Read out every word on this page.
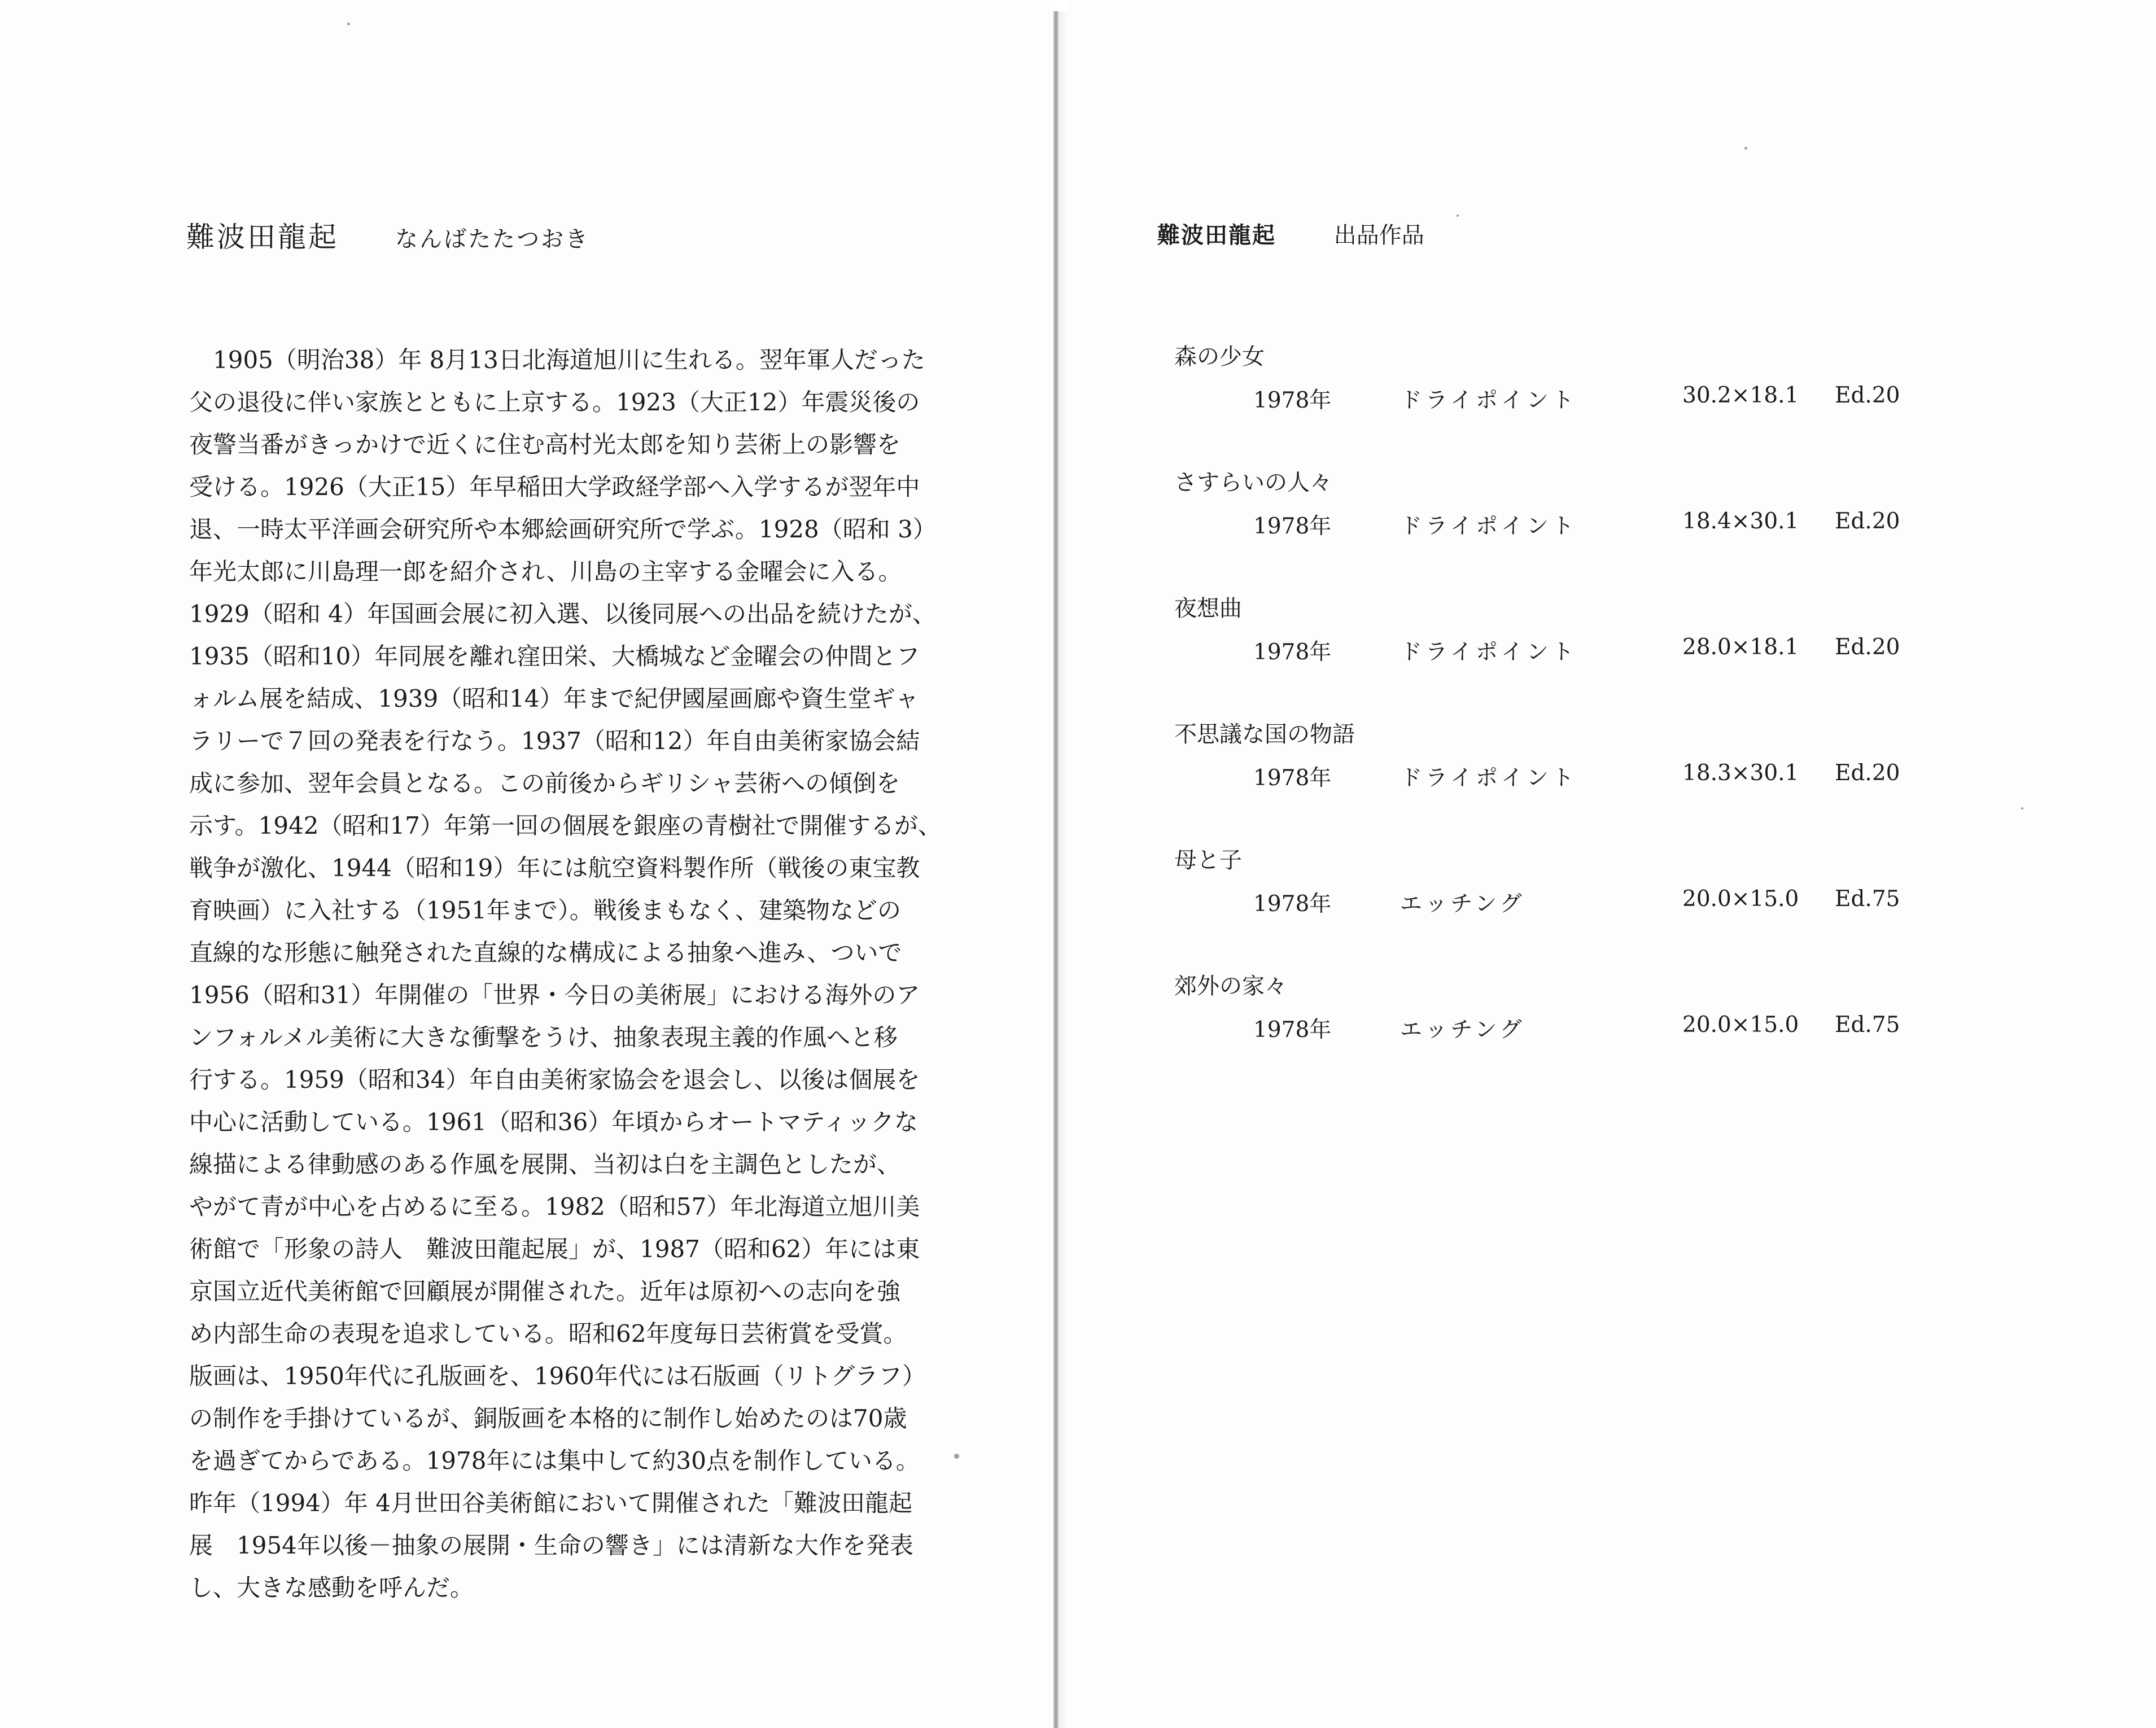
難波田龍起	なんばたたつおき
　1905（明治38）年 8月13日北海道旭川に生れる。翌年軍人だった
父の退役に伴い家族とともに上京する。1923（大正12）年震災後の
夜警当番がきっかけで近くに住む高村光太郎を知り芸術上の影響を
受ける。1926（大正15）年早稲田大学政経学部へ入学するが翌年中
退、一時太平洋画会研究所や本郷絵画研究所で学ぶ。1928（昭和 3）
年光太郎に川島理一郎を紹介され、川島の主宰する金曜会に入る。
1929（昭和 4）年国画会展に初入選、以後同展への出品を続けたが、
1935（昭和10）年同展を離れ窪田栄、大橋城など金曜会の仲間とフ
ォルム展を結成、1939（昭和14）年まで紀伊國屋画廊や資生堂ギャ
ラリーで７回の発表を行なう。1937（昭和12）年自由美術家協会結
成に参加、翌年会員となる。この前後からギリシャ芸術への傾倒を
示す。1942（昭和17）年第一回の個展を銀座の青樹社で開催するが、
戦争が激化、1944（昭和19）年には航空資料製作所（戦後の東宝教
育映画）に入社する（1951年まで）。戦後まもなく、建築物などの
直線的な形態に触発された直線的な構成による抽象へ進み、ついで
1956（昭和31）年開催の「世界・今日の美術展」における海外のア
ンフォルメル美術に大きな衝撃をうけ、抽象表現主義的作風へと移
行する。1959（昭和34）年自由美術家協会を退会し、以後は個展を
中心に活動している。1961（昭和36）年頃からオートマティックな
線描による律動感のある作風を展開、当初は白を主調色としたが、
やがて青が中心を占めるに至る。1982（昭和57）年北海道立旭川美
術館で「形象の詩人　難波田龍起展」が、1987（昭和62）年には東
京国立近代美術館で回顧展が開催された。近年は原初への志向を強
め内部生命の表現を追求している。昭和62年度毎日芸術賞を受賞。
版画は、1950年代に孔版画を、1960年代には石版画（リトグラフ）
の制作を手掛けているが、銅版画を本格的に制作し始めたのは70歳
を過ぎてからである。1978年には集中して約30点を制作している。
昨年（1994）年 4月世田谷美術館において開催された「難波田龍起
展　1954年以後－抽象の展開・生命の響き」には清新な大作を発表
し、大きな感動を呼んだ。
難波田龍起	出品作品
森の少女
1978年	ドライポイント	30.2×18.1 Ed.20
さすらいの人々
1978年	ドライポイント	18.4×30.1 Ed.20
夜想曲
1978年	ドライポイント	28.0×18.1 Ed.20
不思議な国の物語
1978年	ドライポイント	18.3×30.1 Ed.20
母と子
1978年	エッチング	20.0×15.0 Ed.75
郊外の家々
1978年	エッチング	20.0×15.0 Ed.75
